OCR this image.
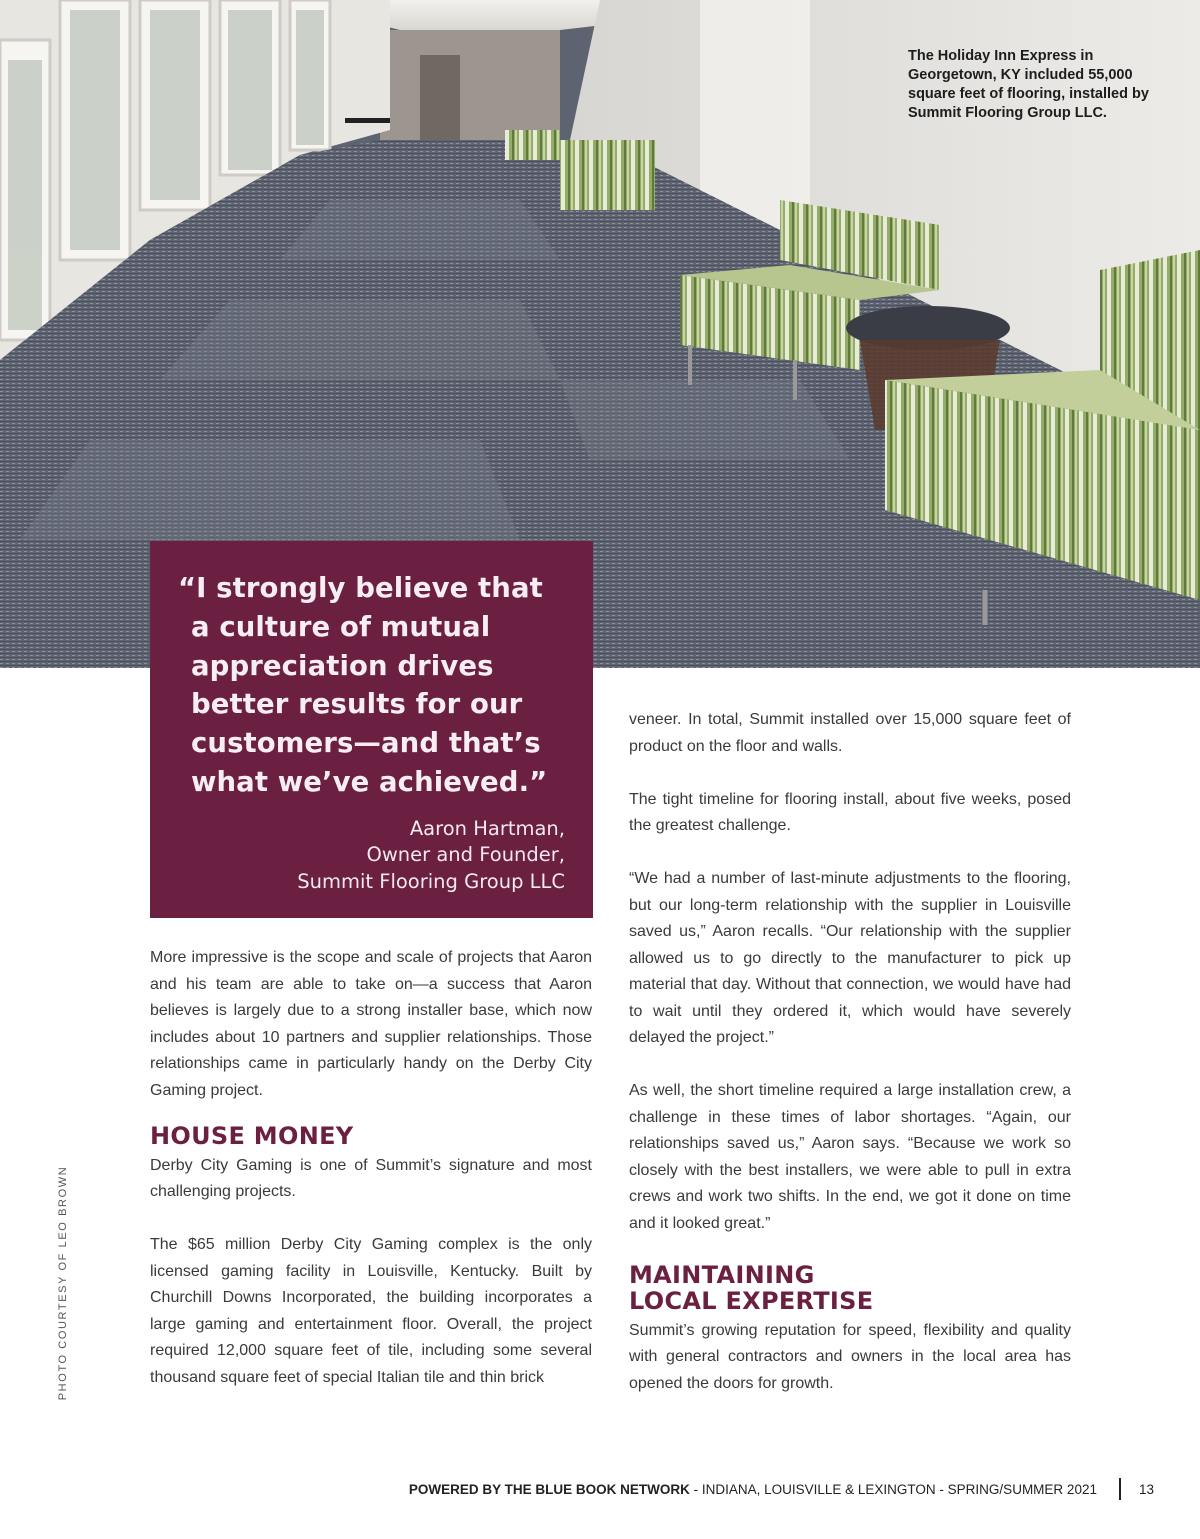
The Holiday Inn Express in Georgetown, KY included 55,000 square feet of flooring, installed by Summit Flooring Group LLC.
“I strongly believe that a culture of mutual appreciation drives better results for our customers—and that’s what we’ve achieved.”
Aaron Hartman,
Owner and Founder,
Summit Flooring Group LLC

More impressive is the scope and scale of projects that Aaron and his team are able to take on—a success that Aaron believes is largely due to a strong installer base, which now includes about 10 partners and supplier relationships. Those relationships came in particularly handy on the Derby City Gaming project.

HOUSE MONEY

Derby City Gaming is one of Summit’s signature and most challenging projects.

The $65 million Derby City Gaming complex is the only licensed gaming facility in Louisville, Kentucky. Built by Churchill Downs Incorporated, the building incorporates a large gaming and entertainment floor. Overall, the project required 12,000 square feet of tile, including some several thousand square feet of special Italian tile and thin brick

veneer. In total, Summit installed over 15,000 square feet of product on the floor and walls.

The tight timeline for flooring install, about five weeks, posed the greatest challenge.

“We had a number of last-minute adjustments to the flooring, but our long-term relationship with the supplier in Louisville saved us,” Aaron recalls. “Our relationship with the supplier allowed us to go directly to the manufacturer to pick up material that day. Without that connection, we would have had to wait until they ordered it, which would have severely delayed the project.”

As well, the short timeline required a large installation crew, a challenge in these times of labor shortages. “Again, our relationships saved us,” Aaron says. “Because we work so closely with the best installers, we were able to pull in extra crews and work two shifts. In the end, we got it done on time and it looked great.”

MAINTAINING
LOCAL EXPERTISE

Summit’s growing reputation for speed, flexibility and quality with general contractors and owners in the local area has opened the doors for growth.

PHOTO COURTESY OF LEO BROWN
POWERED BY THE BLUE BOOK NETWORK - INDIANA, LOUISVILLE & LEXINGTON - SPRING/SUMMER 2021	13
